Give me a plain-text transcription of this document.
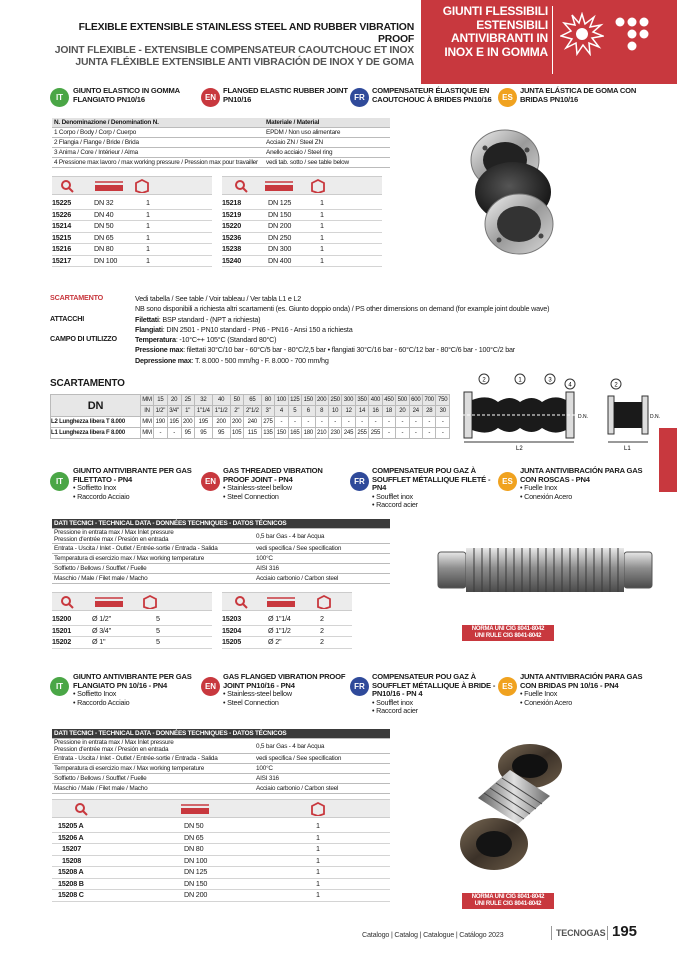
FLEXIBLE EXTENSIBLE STAINLESS STEEL AND RUBBER VIBRATION PROOF
JOINT FLEXIBLE - EXTENSIBLE COMPENSATEUR CAOUTCHOUC ET INOX
JUNTA FLÉXIBLE EXTENSIBLE ANTI VIBRACIÓN DE INOX Y DE GOMA
GIUNTI FLESSIBILI
ESTENSIBILI
ANTIVIBRANTI IN
INOX E IN GOMMA
IT
GIUNTO ELASTICO IN GOMMA FLANGIATO PN10/16	EN
FLANGED ELASTIC RUBBER JOINT PN10/16	FR
COMPENSATEUR ÉLASTIQUE EN CAOUTCHOUC À BRIDES PN10/16	ES
JUNTA ELÁSTICA DE GOMA CON BRIDAS PN10/16
N. Denominazione / Denomination N.	Materiale / Material
1 Corpo / Body / Corp / Cuerpo	EPDM / Non uso alimentare
2 Flangia / Flange / Bride / Brida	Acciaio ZN / Steel ZN
3 Anima / Core / Intérieur / Alma	Anello acciaio / Steel ring
4 Pressione max lavoro / max working pressure / Pression max pour travailler	vedi tab. sotto / see table below
15225	DN 32	1
15226	DN 40	1
15214	DN 50	1
15215	DN 65	1
15216	DN 80	1
15217	DN 100	1
15218	DN 125	1
15219	DN 150	1
15220	DN 200	1
15236	DN 250	1
15238	DN 300	1
15240	DN 400	1
SCARTAMENTO
ATTACCHI
CAMPO DI UTILIZZO
Vedi tabella / See table / Voir tableau / Ver tabla L1 e L2
NB sono disponibili a richiesta altri scartamenti (es. Giunto doppio onda) / PS other dimensions on demand (for example joint double wave)
Filettati: BSP standard - (NPT a richiesta)
Flangiati: DIN 2501 - PN10 standard - PN6 - PN16 - Ansi 150 a richiesta
Temperatura: -10°C÷+ 105°C (Standard 80°C)
Pressione max: filettati 30°C/10 bar - 60°C/5 bar - 80°C/2,5 bar • flangiati 30°C/16 bar - 60°C/12 bar - 80°C/6 bar - 100°C/2 bar
Depressione max: T. 8.000 - 500 mm/hg - F. 8.000 - 700 mm/hg
SCARTAMENTO
DN	MM	15	20	25	32	40	50	65	80	100	125	150	200	250	300	350	400	450	500	600	700	750
	IN	1/2"	3/4"	1"	1"1/4	1"1/2	2"	2"1/2	3"	4	5	6	8	10	12	14	16	18	20	24	28	30
L2 Lunghezza libera T 8.000	MM	190	195	200	195	200	200	240	275	-	-	-	-	-	-	-	-	-	-	-	-	-
L1 Lunghezza libera F 8.000	MM	-	-	95	95	95	105	115	135	150	165	180	210	230	245	255	255	-	-	-	-	-
2	1	3
4	2
D.N.	D.N.
L2	L1
IT
GIUNTO ANTIVIBRANTE PER GAS FILETTATO - PN4
• Soffietto Inox
• Raccordo Acciaio
EN
GAS THREADED VIBRATION PROOF JOINT - PN4
• Stainless-steel bellow
• Steel Connection
FR
COMPENSATEUR POU GAZ À SOUFFLET MÉTALLIQUE FILETÉ - PN4
• Soufflet inox
• Raccord acier
ES
JUNTA ANTIVIBRACIÓN PARA GAS CON ROSCAS - PN4
• Fuelle Inox
• Conexión Acero
DATI TECNICI - TECHNICAL DATA - DONNÉES TECHNIQUES - DATOS TÉCNICOS	
Pressione in entrata max / Max Inlet pressure
Pression d'entrée max / Presión en entrada	0,5 bar Gas - 4 bar Acqua
Entrata - Uscita / Inlet - Outlet / Entrée-sortie / Entrada - Salida	vedi specifica / See specification
Temperatura di esercizio max / Max working temperature	100°C
Soffietto / Bellows / Soufflet / Fuelle	AISI 316
Maschio / Male / Filet male / Macho	Acciaio carbonio / Carbon steel
15200	Ø 1/2"	5
15201	Ø 3/4"	5
15202	Ø 1"	5
15203	Ø 1"1/4	2
15204	Ø 1"1/2	2
15205	Ø 2"	2
NORMA UNI CIG 8041-8042
UNI RULE CIG 8041-8042
IT
GIUNTO ANTIVIBRANTE PER GAS FLANGIATO PN 10/16 - PN4
• Soffietto Inox
• Raccordo Acciaio
EN
GAS FLANGED VIBRATION PROOF JOINT PN10/16 - PN4
• Stainless-steel bellow
• Steel Connection
FR
COMPENSATEUR POU GAZ À SOUFFLET MÉTALLIQUE À BRIDE - PN10/16 - PN 4
• Soufflet inox
• Raccord acier
ES
JUNTA ANTIVIBRACIÓN PARA GAS CON BRIDAS PN 10/16 - PN4
• Fuelle Inox
• Conexión Acero
DATI TECNICI - TECHNICAL DATA - DONNÉES TECHNIQUES - DATOS TÉCNICOS	
Pressione in entrata max / Max Inlet pressure
Pression d'entrée max / Presión en entrada	0,5 bar Gas - 4 bar Acqua
Entrata - Uscita / Inlet - Outlet / Entrée-sortie / Entrada - Salida	vedi specifica / See specification
Temperatura di esercizio max / Max working temperature	100°C
Soffietto / Bellows / Soufflet / Fuelle	AISI 316
Maschio / Male / Filet male / Macho	Acciaio carbonio / Carbon steel
15205 A	DN 50	1
15206 A	DN 65	1
15207	DN 80	1
15208	DN 100	1
15208 A	DN 125	1
15208 B	DN 150	1
15208 C	DN 200	1	NORMA UNI CIG 8041-8042
UNI RULE CIG 8041-8042
Catalogo | Catalog | Catalogue | Catálogo 2023	TECNOGAS 195
